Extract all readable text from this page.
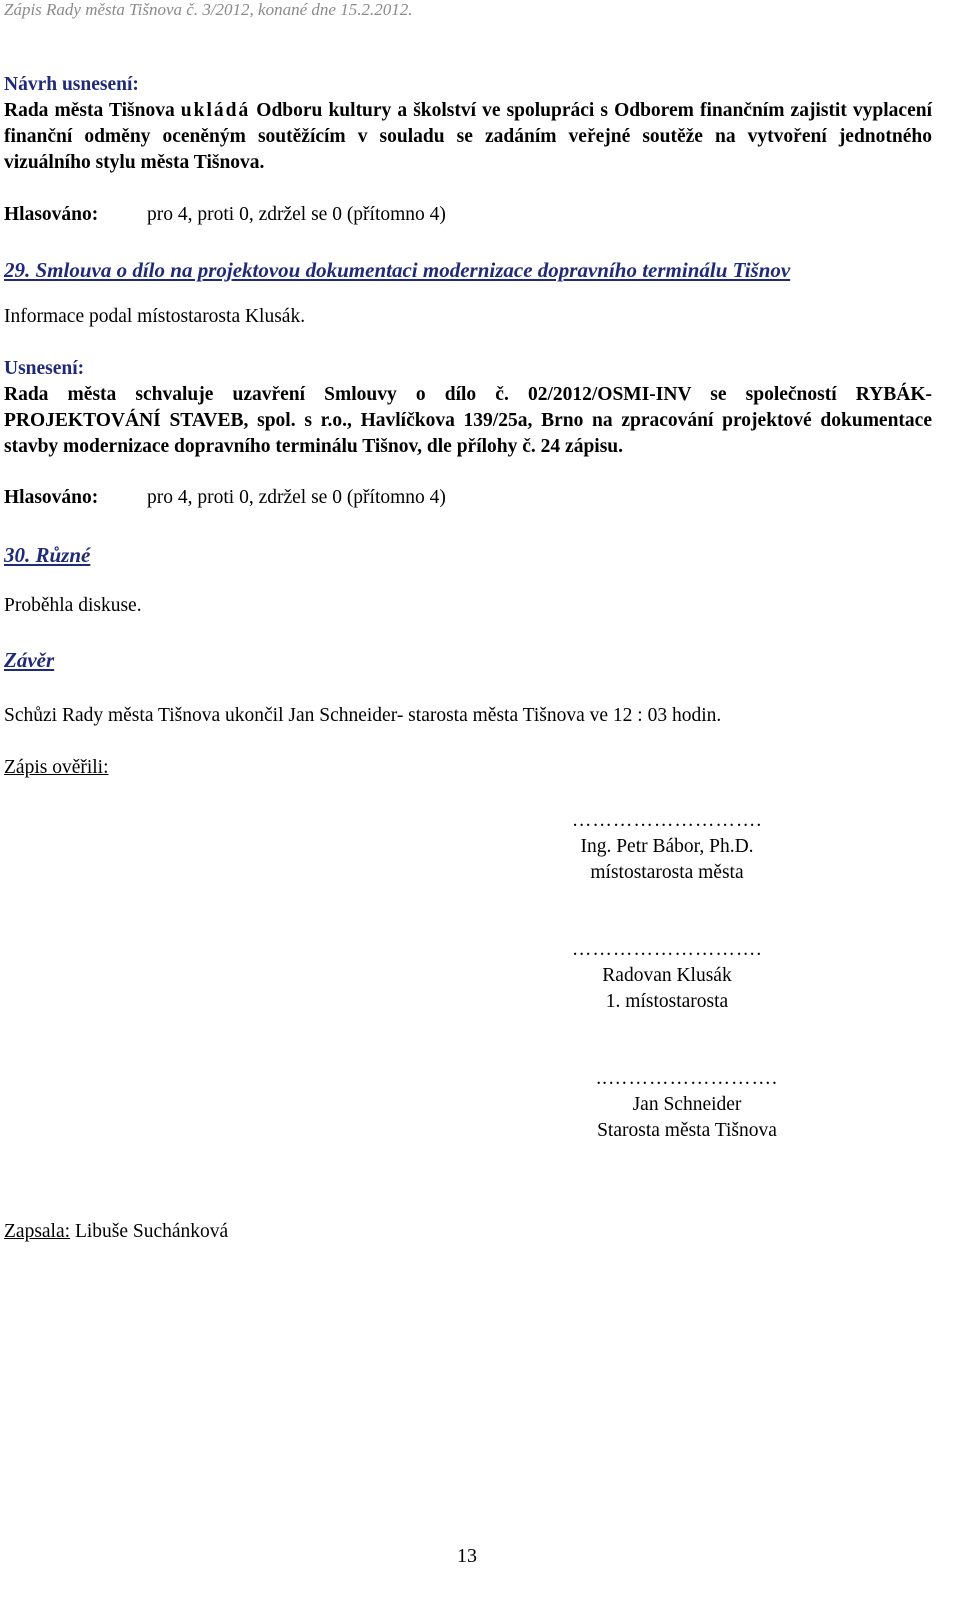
Zápis Rady města Tišnova č. 3/2012, konané dne 15.2.2012.
Návrh usnesení:
Rada města Tišnova ukládá Odboru kultury a školství ve spolupráci s Odborem finančním zajistit vyplacení finanční odměny oceněným soutěžícím v souladu se zadáním veřejné soutěže na vytvoření jednotného vizuálního stylu města Tišnova.
Hlasováno: pro 4, proti 0, zdržel se 0 (přítomno 4)
29. Smlouva o dílo na projektovou dokumentaci modernizace dopravního terminálu Tišnov
Informace podal místostarosta Klusák.
Usnesení:
Rada města schvaluje uzavření Smlouvy o dílo č. 02/2012/OSMI-INV se společností RYBÁK-PROJEKTOVÁNÍ STAVEB, spol. s r.o., Havlíčkova 139/25a, Brno na zpracování projektové dokumentace stavby modernizace dopravního terminálu Tišnov, dle přílohy č. 24 zápisu.
Hlasováno: pro 4, proti 0, zdržel se 0 (přítomno 4)
30. Různé
Proběhla diskuse.
Závěr
Schůzi Rady města Tišnova ukončil Jan Schneider- starosta města Tišnova ve 12 : 03 hodin.
Zápis ověřili:
……………………….
Ing. Petr Bábor, Ph.D.
místostarosta města
……………………….
Radovan Klusák
1. místostarosta
..…………………….
Jan Schneider
Starosta města Tišnova
Zapsala: Libuše Suchánková
13
